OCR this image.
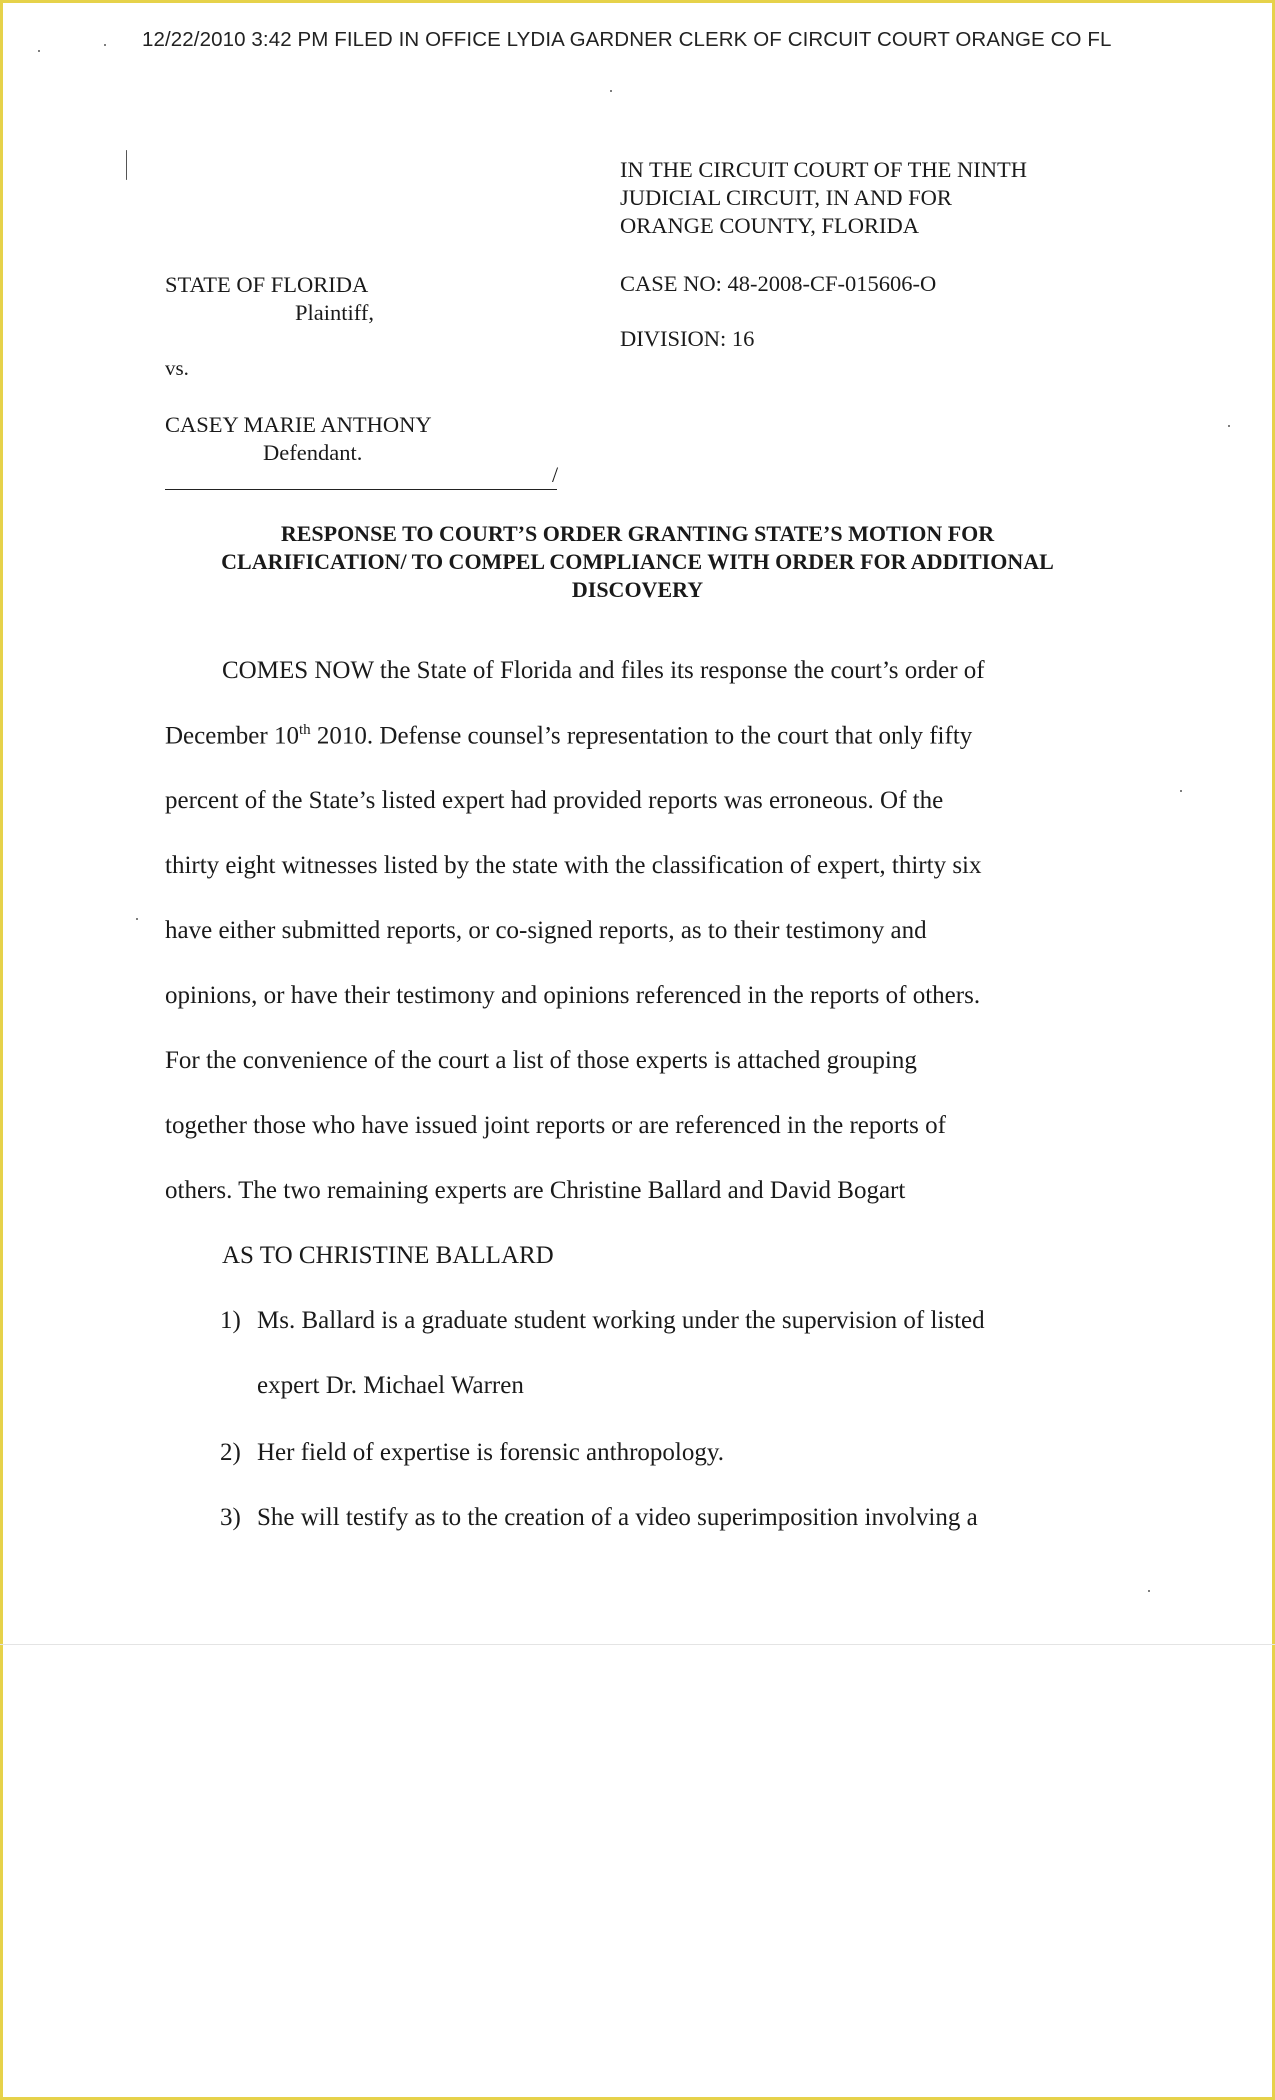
12/22/2010 3:42 PM FILED IN OFFICE LYDIA GARDNER CLERK OF CIRCUIT COURT ORANGE CO FL
IN THE CIRCUIT COURT OF THE NINTH
JUDICIAL CIRCUIT, IN AND FOR
ORANGE COUNTY, FLORIDA
STATE OF FLORIDA
Plaintiff,
CASE NO: 48-2008-CF-015606-O
DIVISION: 16
vs.
CASEY MARIE ANTHONY
Defendant.
/
RESPONSE TO COURT’S ORDER GRANTING STATE’S MOTION FOR
CLARIFICATION/ TO COMPEL COMPLIANCE WITH ORDER FOR ADDITIONAL
DISCOVERY
COMES NOW the State of Florida and files its response the court’s order of
December 10th 2010. Defense counsel’s representation to the court that only fifty
percent of the State’s listed expert had provided reports was erroneous. Of the
thirty eight witnesses listed by the state with the classification of expert, thirty six
have either submitted reports, or co-signed reports, as to their testimony and
opinions, or have their testimony and opinions referenced in the reports of others.
For the convenience of the court a list of those experts is attached grouping
together those who have issued joint reports or are referenced in the reports of
others. The two remaining experts are Christine Ballard and David Bogart
AS TO CHRISTINE BALLARD
1) Ms. Ballard is a graduate student working under the supervision of listed
expert Dr. Michael Warren
2) Her field of expertise is forensic anthropology.
3) She will testify as to the creation of a video superimposition involving a
